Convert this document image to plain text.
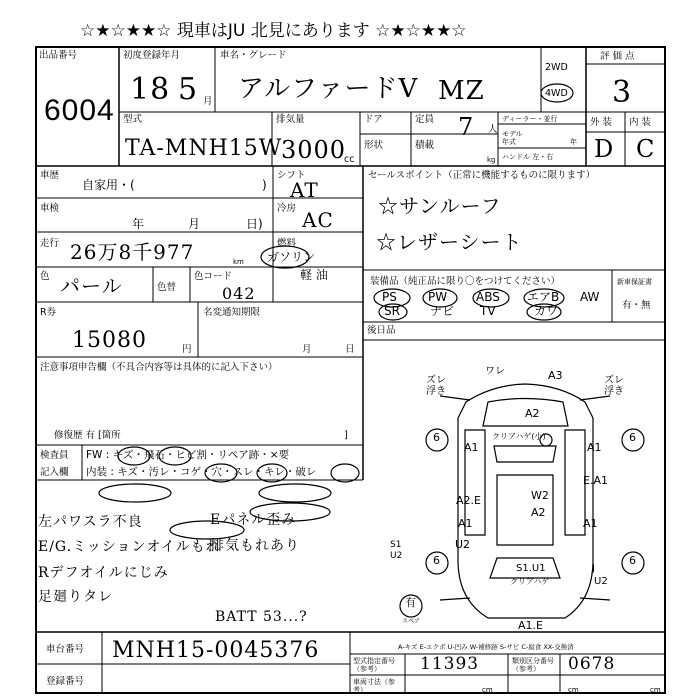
☆★☆★★☆ 現車はJU 北見にあります ☆★☆★★☆
出品番号
6004
初度登録年月
18 5 月
車名・グレード
アルファードV MZ
2WD
4WD
評 価 点
3
型式
TA-MNH15W
排気量
3000
cc
ドア	定員 7 人
ディーラー・並行
モデル年式	年
形状	積載
kg ハンドル 左・右
外 装 内 装
D C
車歴
自家用・(	)
シフト
AT
セールスポイント（正常に機能するものに限ります）
☆サンルーフ
☆レザーシート
車検
年	月	日)
冷房 AC
走行 26万8千977	km
燃料
ガソリン
軽 油
色 パール	色替
色コード
042
装備品（純正品に限り〇をつけてください）
PS	PW ABS エアB AW
SR	ナビ TV	カワ
新車保証書
有・無
後日品
R券
15080	円
名変通知期限
月	日
注意事項申告欄（不具合内容等は具体的に記入下さい）
修復歴 有 [箇所	]
検査員
記入欄
FW : キズ・飛石・ヒビ割・リペア跡・×要
内装 : キズ・汚レ・コゲ・穴・スレ・キレ・破レ
左パワスラ不良	Eパネル歪み
E/G.ミッションオイルもれ
排気もれあり
Rデフオイルにじみ
足廻りタレ
BATT 53...?
ズレ浮き
ワレ	A3	ズレ浮き
A2
クリアハゲ(小)
A1	A1
E.A1
A2.E	W2
A2
A1	A1
S1 U2
U2
S1.U1
クリアハゲ
J
U2
A1.E
6	6
6	6
有
スペア
車台番号 MNH15-0045376
登録番号
A-キズ E-エクボ U-凹み W-補修跡 S-サビ C-腐食 XX-交換済
型式指定番号（参考）	11393	類別区分番号（参考）	0678
車両寸法（参考）	cm	cm	cm
